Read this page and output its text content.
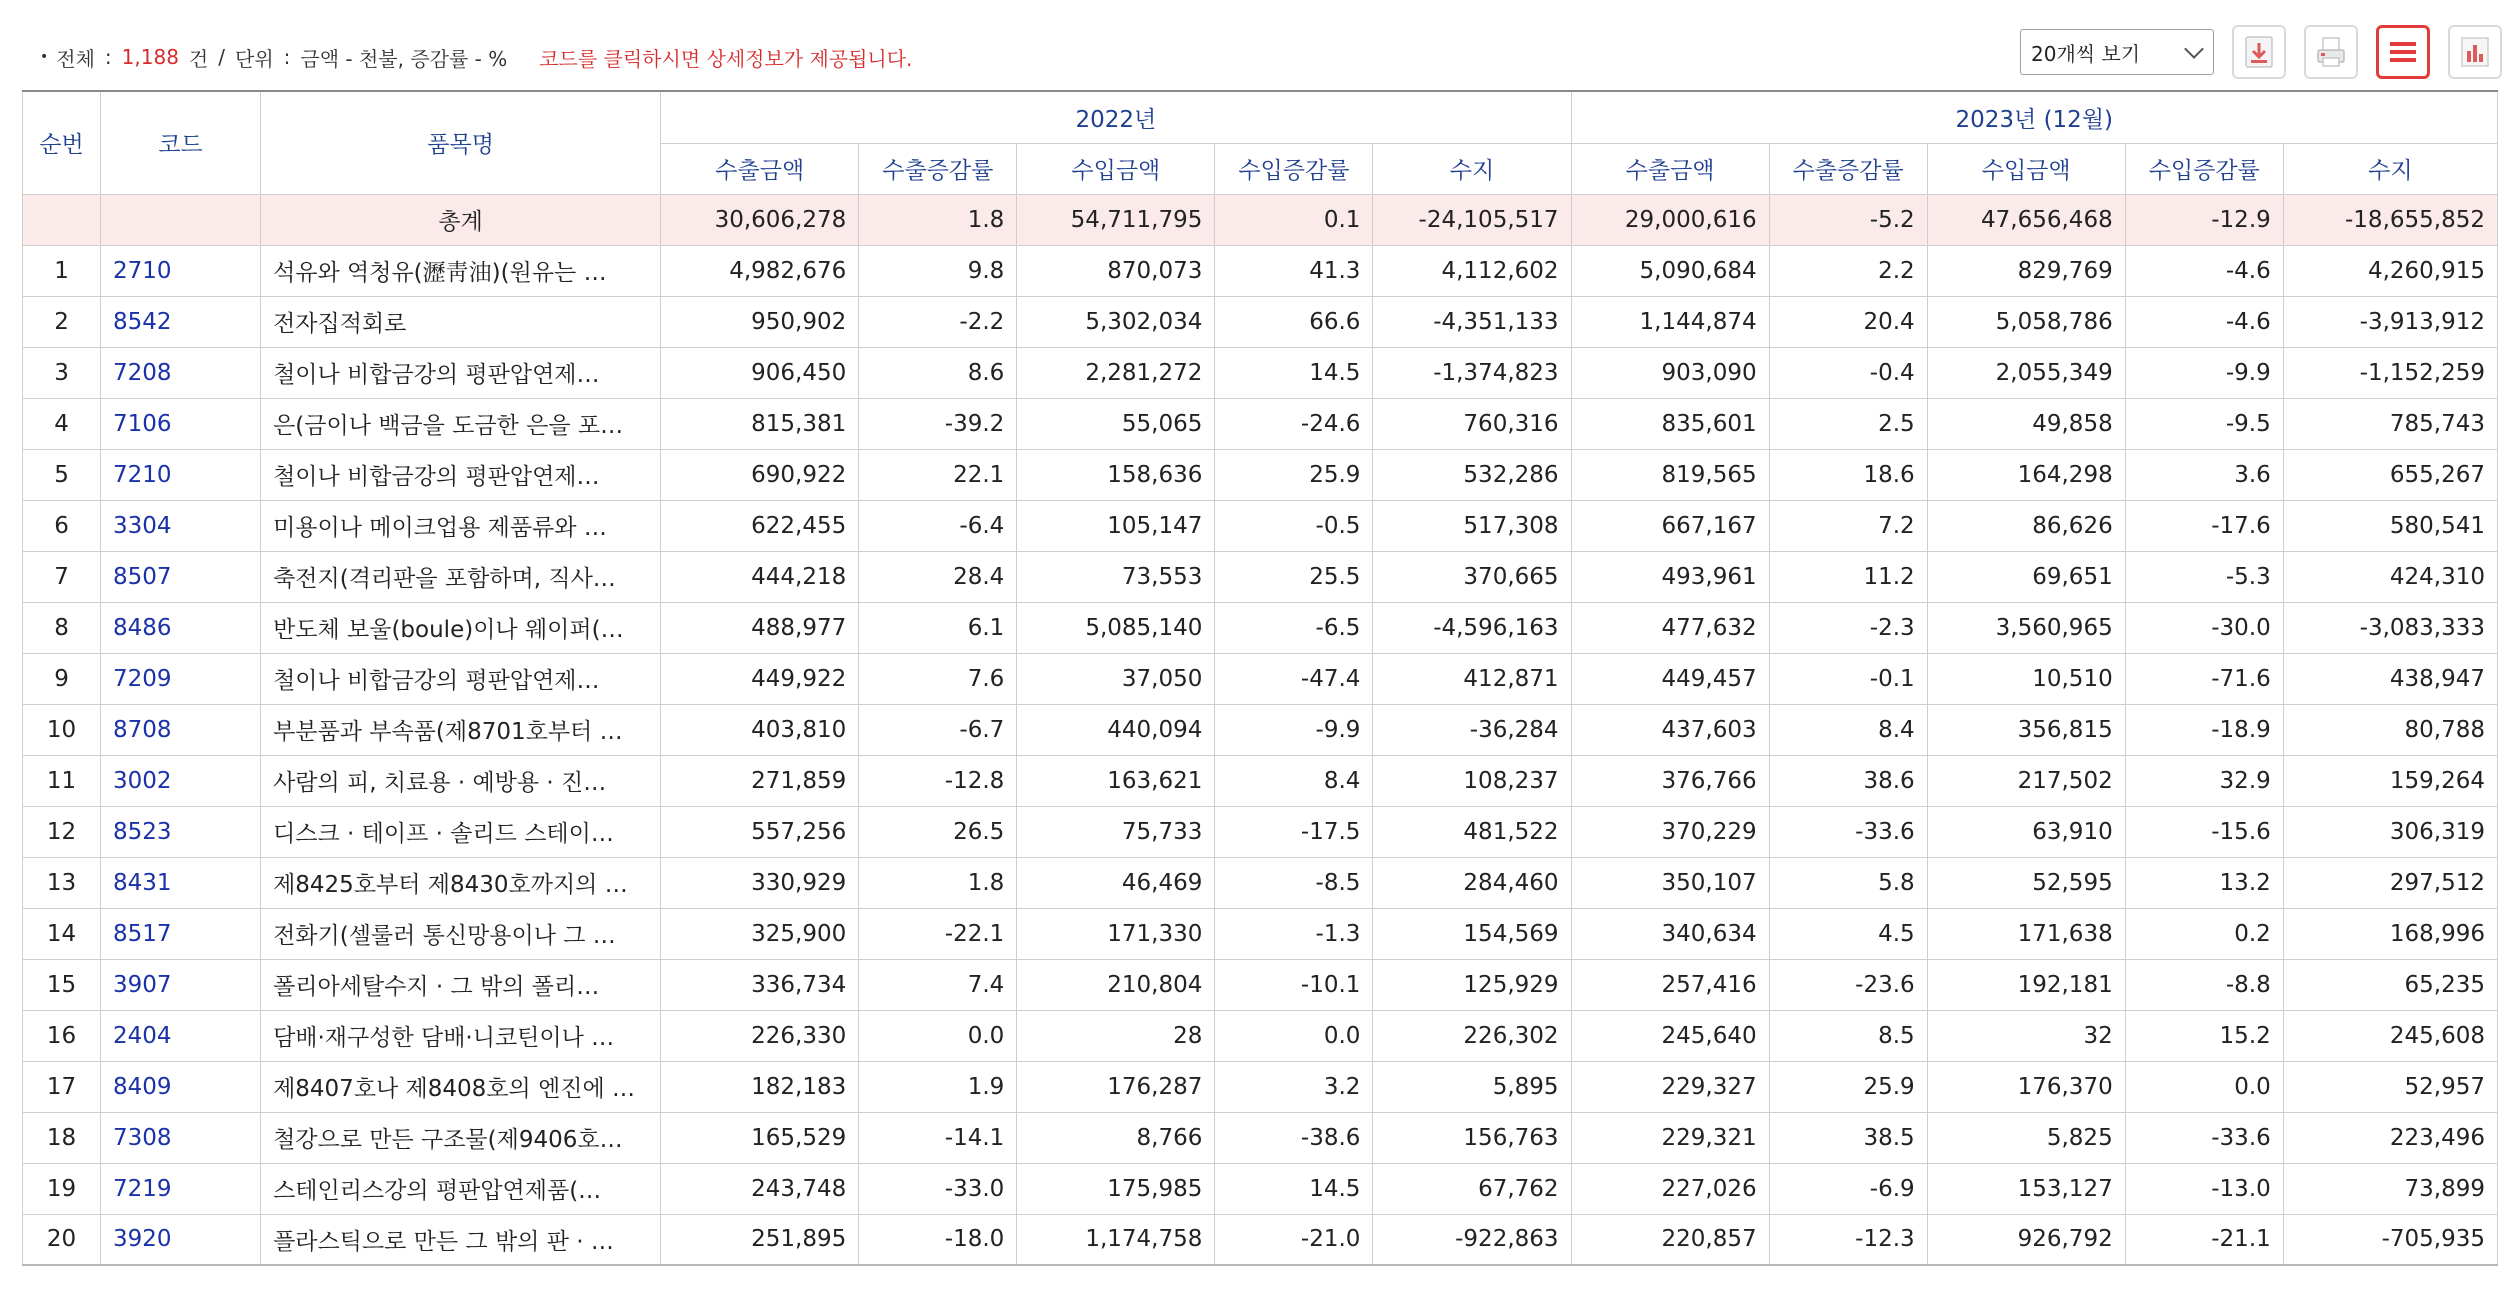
• 전체 : 1,188 건 / 단위 : 금액 - 천불, 증감률 - % 코드를 클릭하시면 상세정보가 제공됩니다.	20개씩 보기
순번	코드	품목명	2022년					2023년 (12월)				
			수출금액	수출증감률	수입금액	수입증감률	수지	수출금액	수출증감률	수입금액	수입증감률	수지
		총계	30,606,278	1.8	54,711,795	0.1	-24,105,517	29,000,616	-5.2	47,656,468	-12.9	-18,655,852
1	2710	석유와 역청유(瀝靑油)(원유는 …	4,982,676	9.8	870,073	41.3	4,112,602	5,090,684	2.2	829,769	-4.6	4,260,915
2	8542	전자집적회로	950,902	-2.2	5,302,034	66.6	-4,351,133	1,144,874	20.4	5,058,786	-4.6	-3,913,912
3	7208	철이나 비합금강의 평판압연제…	906,450	8.6	2,281,272	14.5	-1,374,823	903,090	-0.4	2,055,349	-9.9	-1,152,259
4	7106	은(금이나 백금을 도금한 은을 포…	815,381	-39.2	55,065	-24.6	760,316	835,601	2.5	49,858	-9.5	785,743
5	7210	철이나 비합금강의 평판압연제…	690,922	22.1	158,636	25.9	532,286	819,565	18.6	164,298	3.6	655,267
6	3304	미용이나 메이크업용 제품류와 …	622,455	-6.4	105,147	-0.5	517,308	667,167	7.2	86,626	-17.6	580,541
7	8507	축전지(격리판을 포함하며, 직사…	444,218	28.4	73,553	25.5	370,665	493,961	11.2	69,651	-5.3	424,310
8	8486	반도체 보울(boule)이나 웨이퍼(…	488,977	6.1	5,085,140	-6.5	-4,596,163	477,632	-2.3	3,560,965	-30.0	-3,083,333
9	7209	철이나 비합금강의 평판압연제…	449,922	7.6	37,050	-47.4	412,871	449,457	-0.1	10,510	-71.6	438,947
10	8708	부분품과 부속품(제8701호부터 …	403,810	-6.7	440,094	-9.9	-36,284	437,603	8.4	356,815	-18.9	80,788
11	3002	사람의 피, 치료용 · 예방용 · 진…	271,859	-12.8	163,621	8.4	108,237	376,766	38.6	217,502	32.9	159,264
12	8523	디스크 · 테이프 · 솔리드 스테이…	557,256	26.5	75,733	-17.5	481,522	370,229	-33.6	63,910	-15.6	306,319
13	8431	제8425호부터 제8430호까지의 …	330,929	1.8	46,469	-8.5	284,460	350,107	5.8	52,595	13.2	297,512
14	8517	전화기(셀룰러 통신망용이나 그 …	325,900	-22.1	171,330	-1.3	154,569	340,634	4.5	171,638	0.2	168,996
15	3907	폴리아세탈수지 · 그 밖의 폴리…	336,734	7.4	210,804	-10.1	125,929	257,416	-23.6	192,181	-8.8	65,235
16	2404	담배·재구성한 담배·니코틴이나 …	226,330	0.0	28	0.0	226,302	245,640	8.5	32	15.2	245,608
17	8409	제8407호나 제8408호의 엔진에 …	182,183	1.9	176,287	3.2	5,895	229,327	25.9	176,370	0.0	52,957
18	7308	철강으로 만든 구조물(제9406호…	165,529	-14.1	8,766	-38.6	156,763	229,321	38.5	5,825	-33.6	223,496
19	7219	스테인리스강의 평판압연제품(…	243,748	-33.0	175,985	14.5	67,762	227,026	-6.9	153,127	-13.0	73,899
20	3920	플라스틱으로 만든 그 밖의 판 · …	251,895	-18.0	1,174,758	-21.0	-922,863	220,857	-12.3	926,792	-21.1	-705,935
